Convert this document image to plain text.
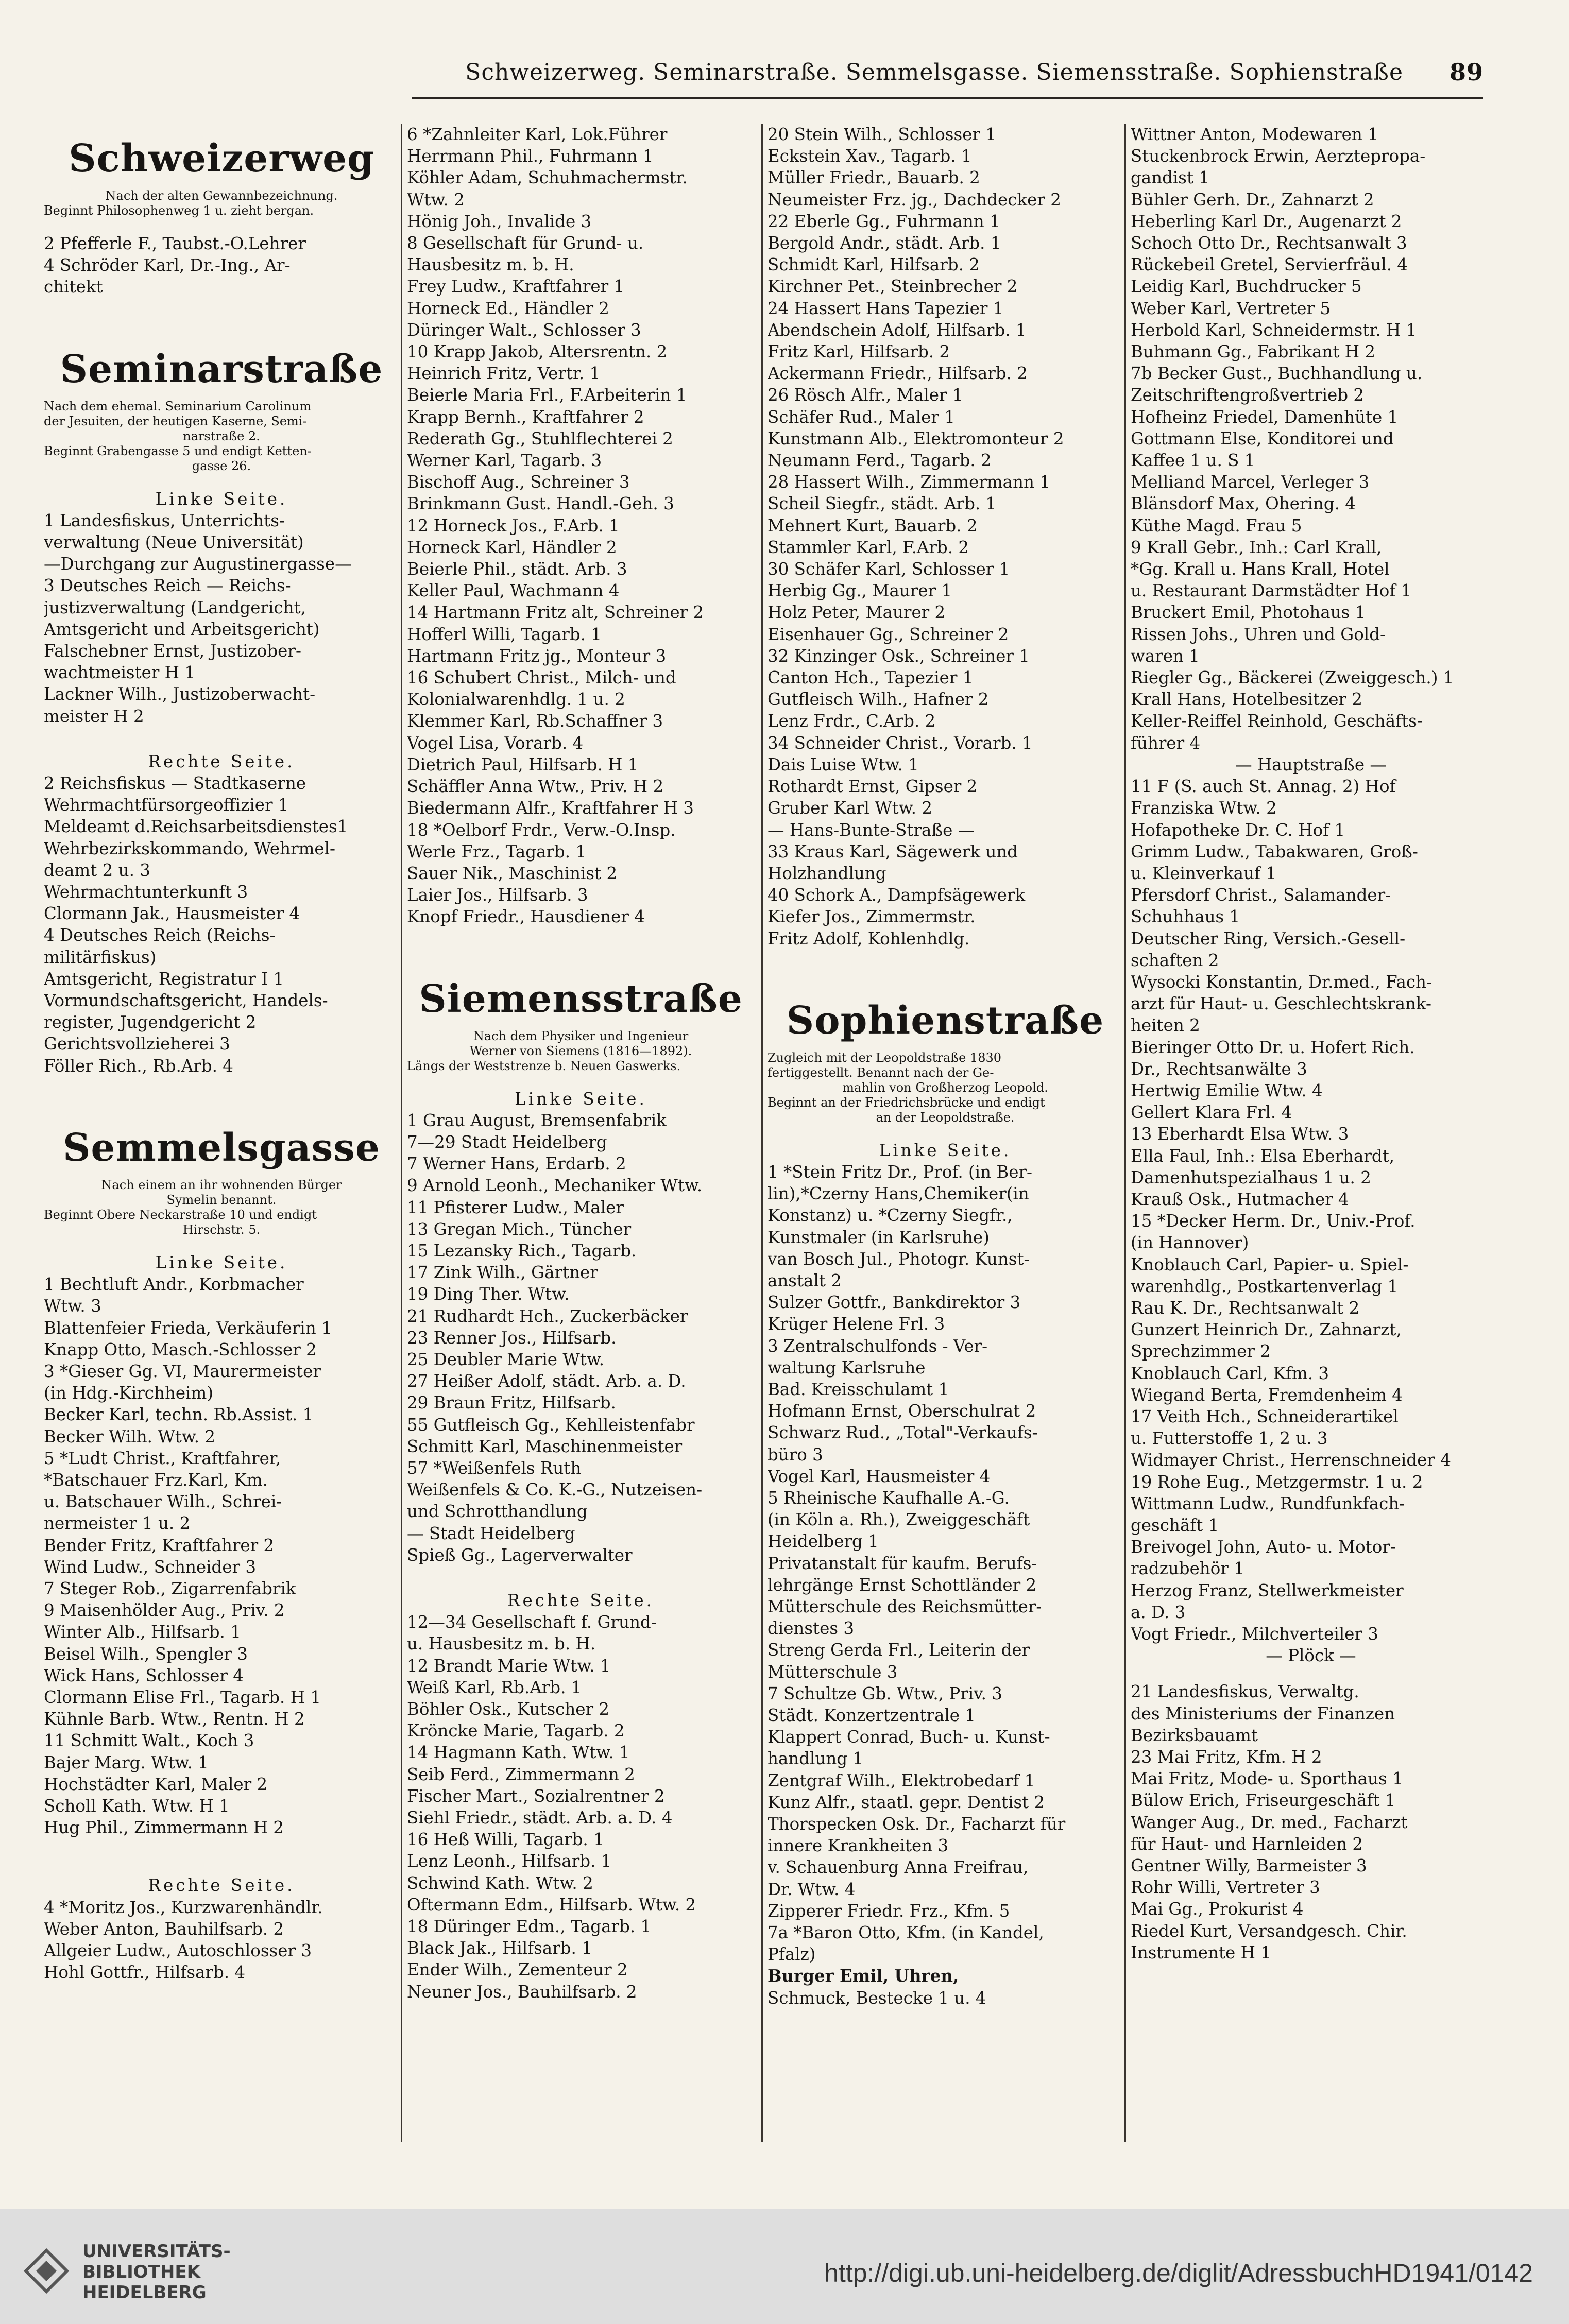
Schweizerweg. Seminarstraße. Semmelsgasse. Siemensstraße. Sophienstraße 89
Schweizerweg
Nach der alten Gewannbezeichnung.
Beginnt Philosophenweg 1 u. zieht bergan.
2 Pfefferle F., Taubst.-O.Lehrer
4 Schröder Karl, Dr.-Ing., Ar-
chitekt
Seminarstraße
Nach dem ehemal. Seminarium Carolinum
der Jesuiten, der heutigen Kaserne, Semi-
narstraße 2.
Beginnt Grabengasse 5 und endigt Ketten-
gasse 26.
Linke Seite.
1 Landesfiskus, Unterrichts-
verwaltung (Neue Universität)
—Durchgang zur Augustinergasse—
3 Deutsches Reich — Reichs-
justizverwaltung (Landgericht,
Amtsgericht und Arbeitsgericht)
Falschebner Ernst, Justizober-
wachtmeister H 1
Lackner Wilh., Justizoberwacht-
meister H 2
Rechte Seite.
2 Reichsfiskus — Stadtkaserne
Wehrmachtfürsorgeoffizier 1
Meldeamt d.Reichsarbeitsdienstes1
Wehrbezirkskommando, Wehrmel-
deamt 2 u. 3
Wehrmachtunterkunft 3
Clormann Jak., Hausmeister 4
4 Deutsches Reich (Reichs-
militärfiskus)
Amtsgericht, Registratur I 1
Vormundschaftsgericht, Handels-
register, Jugendgericht 2
Gerichtsvollzieherei 3
Föller Rich., Rb.Arb. 4
Semmelsgasse
Nach einem an ihr wohnenden Bürger
Symelin benannt.
Beginnt Obere Neckarstraße 10 und endigt
Hirschstr. 5.
Linke Seite.
1 Bechtluft Andr., Korbmacher
Wtw. 3
Blattenfeier Frieda, Verkäuferin 1
Knapp Otto, Masch.-Schlosser 2
3 *Gieser Gg. VI, Maurermeister
(in Hdg.-Kirchheim)
Becker Karl, techn. Rb.Assist. 1
Becker Wilh. Wtw. 2
5 *Ludt Christ., Kraftfahrer,
*Batschauer Frz.Karl, Km.
u. Batschauer Wilh., Schrei-
nermeister 1 u. 2
Bender Fritz, Kraftfahrer 2
Wind Ludw., Schneider 3
7 Steger Rob., Zigarrenfabrik
9 Maisenhölder Aug., Priv. 2
Winter Alb., Hilfsarb. 1
Beisel Wilh., Spengler 3
Wick Hans, Schlosser 4
Clormann Elise Frl., Tagarb. H 1
Kühnle Barb. Wtw., Rentn. H 2
11 Schmitt Walt., Koch 3
Bajer Marg. Wtw. 1
Hochstädter Karl, Maler 2
Scholl Kath. Wtw. H 1
Hug Phil., Zimmermann H 2
Rechte Seite.
4 *Moritz Jos., Kurzwarenhändlr.
Weber Anton, Bauhilfsarb. 2
Allgeier Ludw., Autoschlosser 3
Hohl Gottfr., Hilfsarb. 4
6 *Zahnleiter Karl, Lok.Führer
Herrmann Phil., Fuhrmann 1
Köhler Adam, Schuhmachermstr.
Wtw. 2
Hönig Joh., Invalide 3
8 Gesellschaft für Grund- u.
Hausbesitz m. b. H.
Frey Ludw., Kraftfahrer 1
Horneck Ed., Händler 2
Düringer Walt., Schlosser 3
10 Krapp Jakob, Altersrentn. 2
Heinrich Fritz, Vertr. 1
Beierle Maria Frl., F.Arbeiterin 1
Krapp Bernh., Kraftfahrer 2
Rederath Gg., Stuhlflechterei 2
Werner Karl, Tagarb. 3
Bischoff Aug., Schreiner 3
Brinkmann Gust. Handl.-Geh. 3
12 Horneck Jos., F.Arb. 1
Horneck Karl, Händler 2
Beierle Phil., städt. Arb. 3
Keller Paul, Wachmann 4
14 Hartmann Fritz alt, Schreiner 2
Hofferl Willi, Tagarb. 1
Hartmann Fritz jg., Monteur 3
16 Schubert Christ., Milch- und
Kolonialwarenhdlg. 1 u. 2
Klemmer Karl, Rb.Schaffner 3
Vogel Lisa, Vorarb. 4
Dietrich Paul, Hilfsarb. H 1
Schäffler Anna Wtw., Priv. H 2
Biedermann Alfr., Kraftfahrer H 3
18 *Oelborf Frdr., Verw.-O.Insp.
Werle Frz., Tagarb. 1
Sauer Nik., Maschinist 2
Laier Jos., Hilfsarb. 3
Knopf Friedr., Hausdiener 4
Siemensstraße
Nach dem Physiker und Ingenieur
Werner von Siemens (1816—1892).
Längs der Weststrenze b. Neuen Gaswerks.
Linke Seite.
1 Grau August, Bremsenfabrik
7—29 Stadt Heidelberg
7 Werner Hans, Erdarb. 2
9 Arnold Leonh., Mechaniker Wtw.
11 Pfisterer Ludw., Maler
13 Gregan Mich., Tüncher
15 Lezansky Rich., Tagarb.
17 Zink Wilh., Gärtner
19 Ding Ther. Wtw.
21 Rudhardt Hch., Zuckerbäcker
23 Renner Jos., Hilfsarb.
25 Deubler Marie Wtw.
27 Heißer Adolf, städt. Arb. a. D.
29 Braun Fritz, Hilfsarb.
55 Gutfleisch Gg., Kehlleistenfabr
Schmitt Karl, Maschinenmeister
57 *Weißenfels Ruth
Weißenfels & Co. K.-G., Nutzeisen-
und Schrotthandlung
— Stadt Heidelberg
Spieß Gg., Lagerverwalter
Rechte Seite.
12—34 Gesellschaft f. Grund-
u. Hausbesitz m. b. H.
12 Brandt Marie Wtw. 1
Weiß Karl, Rb.Arb. 1
Böhler Osk., Kutscher 2
Kröncke Marie, Tagarb. 2
14 Hagmann Kath. Wtw. 1
Seib Ferd., Zimmermann 2
Fischer Mart., Sozialrentner 2
Siehl Friedr., städt. Arb. a. D. 4
16 Heß Willi, Tagarb. 1
Lenz Leonh., Hilfsarb. 1
Schwind Kath. Wtw. 2
Oftermann Edm., Hilfsarb. Wtw. 2
18 Düringer Edm., Tagarb. 1
Black Jak., Hilfsarb. 1
Ender Wilh., Zementeur 2
Neuner Jos., Bauhilfsarb. 2
20 Stein Wilh., Schlosser 1
Eckstein Xav., Tagarb. 1
Müller Friedr., Bauarb. 2
Neumeister Frz. jg., Dachdecker 2
22 Eberle Gg., Fuhrmann 1
Bergold Andr., städt. Arb. 1
Schmidt Karl, Hilfsarb. 2
Kirchner Pet., Steinbrecher 2
24 Hassert Hans Tapezier 1
Abendschein Adolf, Hilfsarb. 1
Fritz Karl, Hilfsarb. 2
Ackermann Friedr., Hilfsarb. 2
26 Rösch Alfr., Maler 1
Schäfer Rud., Maler 1
Kunstmann Alb., Elektromonteur 2
Neumann Ferd., Tagarb. 2
28 Hassert Wilh., Zimmermann 1
Scheil Siegfr., städt. Arb. 1
Mehnert Kurt, Bauarb. 2
Stammler Karl, F.Arb. 2
30 Schäfer Karl, Schlosser 1
Herbig Gg., Maurer 1
Holz Peter, Maurer 2
Eisenhauer Gg., Schreiner 2
32 Kinzinger Osk., Schreiner 1
Canton Hch., Tapezier 1
Gutfleisch Wilh., Hafner 2
Lenz Frdr., C.Arb. 2
34 Schneider Christ., Vorarb. 1
Dais Luise Wtw. 1
Rothardt Ernst, Gipser 2
Gruber Karl Wtw. 2
— Hans-Bunte-Straße —
33 Kraus Karl, Sägewerk und
Holzhandlung
40 Schork A., Dampfsägewerk
Kiefer Jos., Zimmermstr.
Fritz Adolf, Kohlenhdlg.
Sophienstraße
Zugleich mit der Leopoldstraße 1830
fertiggestellt. Benannt nach der Ge-
mahlin von Großherzog Leopold.
Beginnt an der Friedrichsbrücke und endigt
an der Leopoldstraße.
Linke Seite.
1 *Stein Fritz Dr., Prof. (in Ber-
lin),*Czerny Hans,Chemiker(in
Konstanz) u. *Czerny Siegfr.,
Kunstmaler (in Karlsruhe)
van Bosch Jul., Photogr. Kunst-
anstalt 2
Sulzer Gottfr., Bankdirektor 3
Krüger Helene Frl. 3
3 Zentralschulfonds - Ver-
waltung Karlsruhe
Bad. Kreisschulamt 1
Hofmann Ernst, Oberschulrat 2
Schwarz Rud., „Total"-Verkaufs-
büro 3
Vogel Karl, Hausmeister 4
5 Rheinische Kaufhalle A.-G.
(in Köln a. Rh.), Zweiggeschäft
Heidelberg 1
Privatanstalt für kaufm. Berufs-
lehrgänge Ernst Schottländer 2
Mütterschule des Reichsmütter-
dienstes 3
Streng Gerda Frl., Leiterin der
Mütterschule 3
7 Schultze Gb. Wtw., Priv. 3
Städt. Konzertzentrale 1
Klappert Conrad, Buch- u. Kunst-
handlung 1
Zentgraf Wilh., Elektrobedarf 1
Kunz Alfr., staatl. gepr. Dentist 2
Thorspecken Osk. Dr., Facharzt für
innere Krankheiten 3
v. Schauenburg Anna Freifrau,
Dr. Wtw. 4
Zipperer Friedr. Frz., Kfm. 5
7a *Baron Otto, Kfm. (in Kandel,
Pfalz)
Burger Emil, Uhren,
Schmuck, Bestecke 1 u. 4
Wittner Anton, Modewaren 1
Stuckenbrock Erwin, Aerztepropa-
gandist 1
Bühler Gerh. Dr., Zahnarzt 2
Heberling Karl Dr., Augenarzt 2
Schoch Otto Dr., Rechtsanwalt 3
Rückebeil Gretel, Servierfräul. 4
Leidig Karl, Buchdrucker 5
Weber Karl, Vertreter 5
Herbold Karl, Schneidermstr. H 1
Buhmann Gg., Fabrikant H 2
7b Becker Gust., Buchhandlung u.
Zeitschriftengroßvertrieb 2
Hofheinz Friedel, Damenhüte 1
Gottmann Else, Konditorei und
Kaffee 1 u. S 1
Melliand Marcel, Verleger 3
Blänsdorf Max, Ohering. 4
Küthe Magd. Frau 5
9 Krall Gebr., Inh.: Carl Krall,
*Gg. Krall u. Hans Krall, Hotel
u. Restaurant Darmstädter Hof 1
Bruckert Emil, Photohaus 1
Rissen Johs., Uhren und Gold-
waren 1
Riegler Gg., Bäckerei (Zweiggesch.) 1
Krall Hans, Hotelbesitzer 2
Keller-Reiffel Reinhold, Geschäfts-
führer 4
— Hauptstraße —
11 F (S. auch St. Annag. 2) Hof
Franziska Wtw. 2
Hofapotheke Dr. C. Hof 1
Grimm Ludw., Tabakwaren, Groß-
u. Kleinverkauf 1
Pfersdorf Christ., Salamander-
Schuhhaus 1
Deutscher Ring, Versich.-Gesell-
schaften 2
Wysocki Konstantin, Dr.med., Fach-
arzt für Haut- u. Geschlechtskrank-
heiten 2
Bieringer Otto Dr. u. Hofert Rich.
Dr., Rechtsanwälte 3
Hertwig Emilie Wtw. 4
Gellert Klara Frl. 4
13 Eberhardt Elsa Wtw. 3
Ella Faul, Inh.: Elsa Eberhardt,
Damenhutspezialhaus 1 u. 2
Krauß Osk., Hutmacher 4
15 *Decker Herm. Dr., Univ.-Prof.
(in Hannover)
Knoblauch Carl, Papier- u. Spiel-
warenhdlg., Postkartenverlag 1
Rau K. Dr., Rechtsanwalt 2
Gunzert Heinrich Dr., Zahnarzt,
Sprechzimmer 2
Knoblauch Carl, Kfm. 3
Wiegand Berta, Fremdenheim 4
17 Veith Hch., Schneiderartikel
u. Futterstoffe 1, 2 u. 3
Widmayer Christ., Herrenschneider 4
19 Rohe Eug., Metzgermstr. 1 u. 2
Wittmann Ludw., Rundfunkfach-
geschäft 1
Breivogel John, Auto- u. Motor-
radzubehör 1
Herzog Franz, Stellwerkmeister
a. D. 3
Vogt Friedr., Milchverteiler 3
— Plöck —
21 Landesfiskus, Verwaltg.
des Ministeriums der Finanzen
Bezirksbauamt
23 Mai Fritz, Kfm. H 2
Mai Fritz, Mode- u. Sporthaus 1
Bülow Erich, Friseurgeschäft 1
Wanger Aug., Dr. med., Facharzt
für Haut- und Harnleiden 2
Gentner Willy, Barmeister 3
Rohr Willi, Vertreter 3
Mai Gg., Prokurist 4
Riedel Kurt, Versandgesch. Chir.
Instrumente H 1
UNIVERSITÄTS-
BIBLIOTHEK
HEIDELBERG
http://digi.ub.uni-heidelberg.de/diglit/AdressbuchHD1941/0142
